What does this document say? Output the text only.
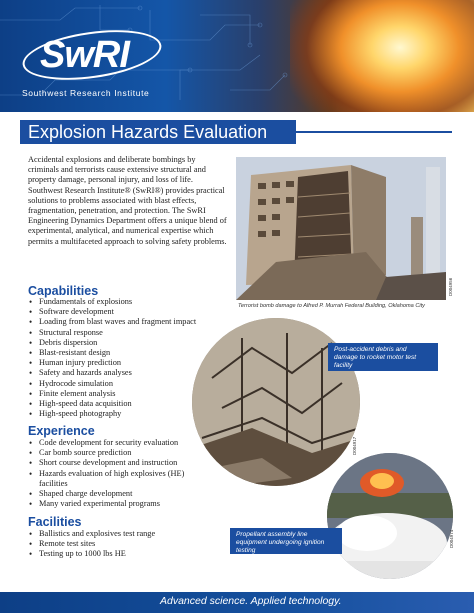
SwRI
Southwest Research Institute
Explosion Hazards Evaluation

Accidental explosions and deliberate bombings by criminals and terrorists cause extensive structural and property damage, personal injury, and loss of life. Southwest Research Institute® (SwRI®) provides practical solutions to problems associated with blast effects, fragmentation, penetration, and protection. The SwRI Engineering Dynamics Department offers a unique blend of experimental, analytical, and numerical expertise which permits a multifaceted approach to solving safety problems.

Capabilities
• Fundamentals of explosions
• Software development
• Loading from blast waves and fragment impact
• Structural response
• Debris dispersion
• Blast-resistant design
• Human injury prediction
• Safety and hazards analyses
• Hydrocode simulation
• Finite element analysis
• High-speed data acquisition
• High-speed photography
Experience
• Code development for security evaluation
• Car bomb source prediction
• Short course development and instruction
• Hazards evaluation of high explosives (HE) facilities
• Shaped charge development
• Many varied experimental programs
Facilities
• Ballistics and explosives test range
• Remote test sites
• Testing up to 1000 lbs HE
Terrorist bomb damage to Alfred P. Murrah Federal Building, Oklahoma City
D004956
D004917
Post-accident debris and damage to rocket motor test facility
D004974
Propellant assembly line equipment undergoing ignition testing
Advanced science. Applied technology.
